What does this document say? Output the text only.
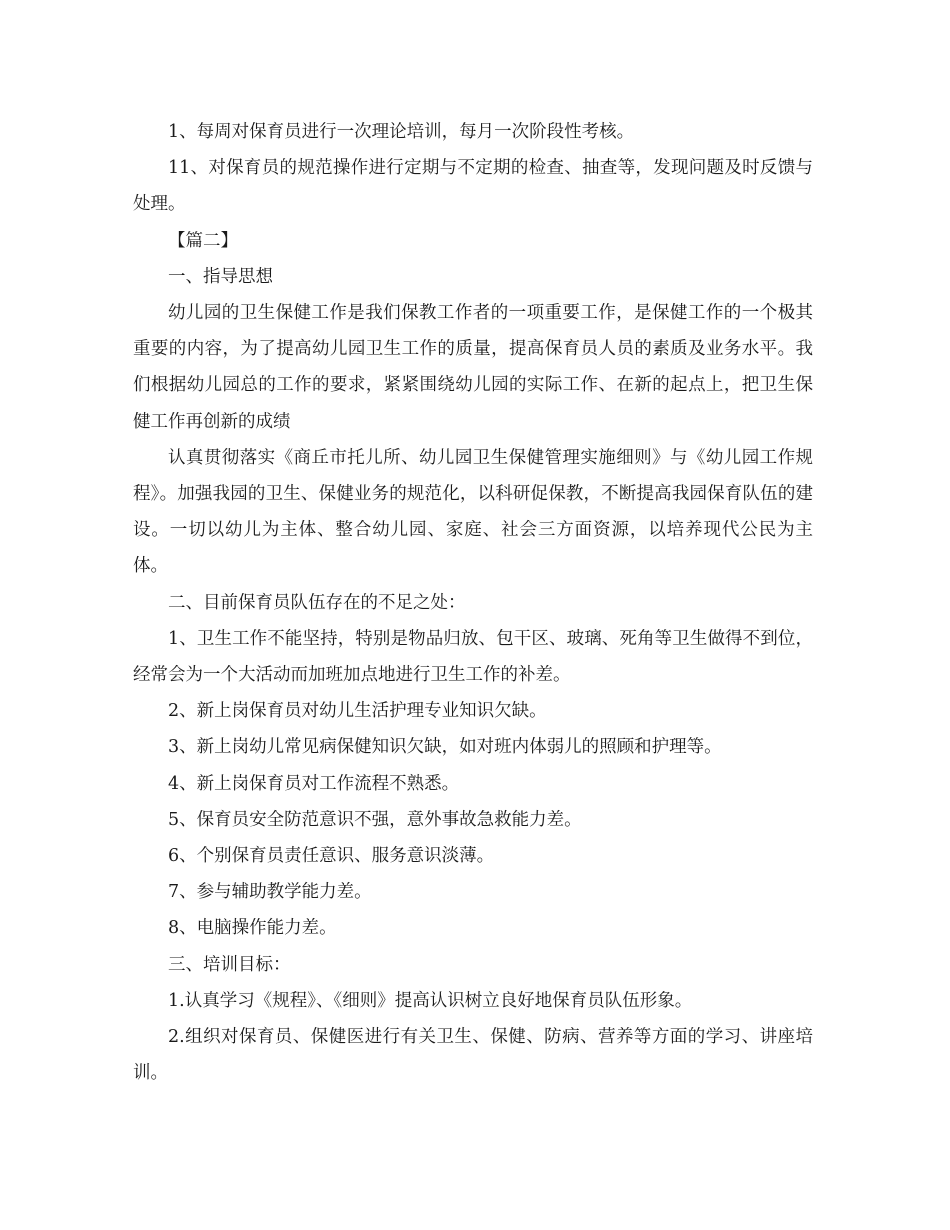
1、每周对保育员进行一次理论培训，每月一次阶段性考核。

11、对保育员的规范操作进行定期与不定期的检查、抽查等，发现问题及时反馈与处理。

【篇二】

一、指导思想

幼儿园的卫生保健工作是我们保教工作者的一项重要工作，是保健工作的一个极其重要的内容，为了提高幼儿园卫生工作的质量，提高保育员人员的素质及业务水平。我们根据幼儿园总的工作的要求，紧紧围绕幼儿园的实际工作、在新的起点上，把卫生保健工作再创新的成绩

认真贯彻落实《商丘市托儿所、幼儿园卫生保健管理实施细则》与《幼儿园工作规程》。加强我园的卫生、保健业务的规范化，以科研促保教，不断提高我园保育队伍的建设。一切以幼儿为主体、整合幼儿园、家庭、社会三方面资源，以培养现代公民为主体。

二、目前保育员队伍存在的不足之处：

1、卫生工作不能坚持，特别是物品归放、包干区、玻璃、死角等卫生做得不到位，经常会为一个大活动而加班加点地进行卫生工作的补差。

2、新上岗保育员对幼儿生活护理专业知识欠缺。

3、新上岗幼儿常见病保健知识欠缺，如对班内体弱儿的照顾和护理等。

4、新上岗保育员对工作流程不熟悉。

5、保育员安全防范意识不强，意外事故急救能力差。

6、个别保育员责任意识、服务意识淡薄。

7、参与辅助教学能力差。

8、电脑操作能力差。

三、培训目标：

1.认真学习《规程》、《细则》提高认识树立良好地保育员队伍形象。

2.组织对保育员、保健医进行有关卫生、保健、防病、营养等方面的学习、讲座培训。
